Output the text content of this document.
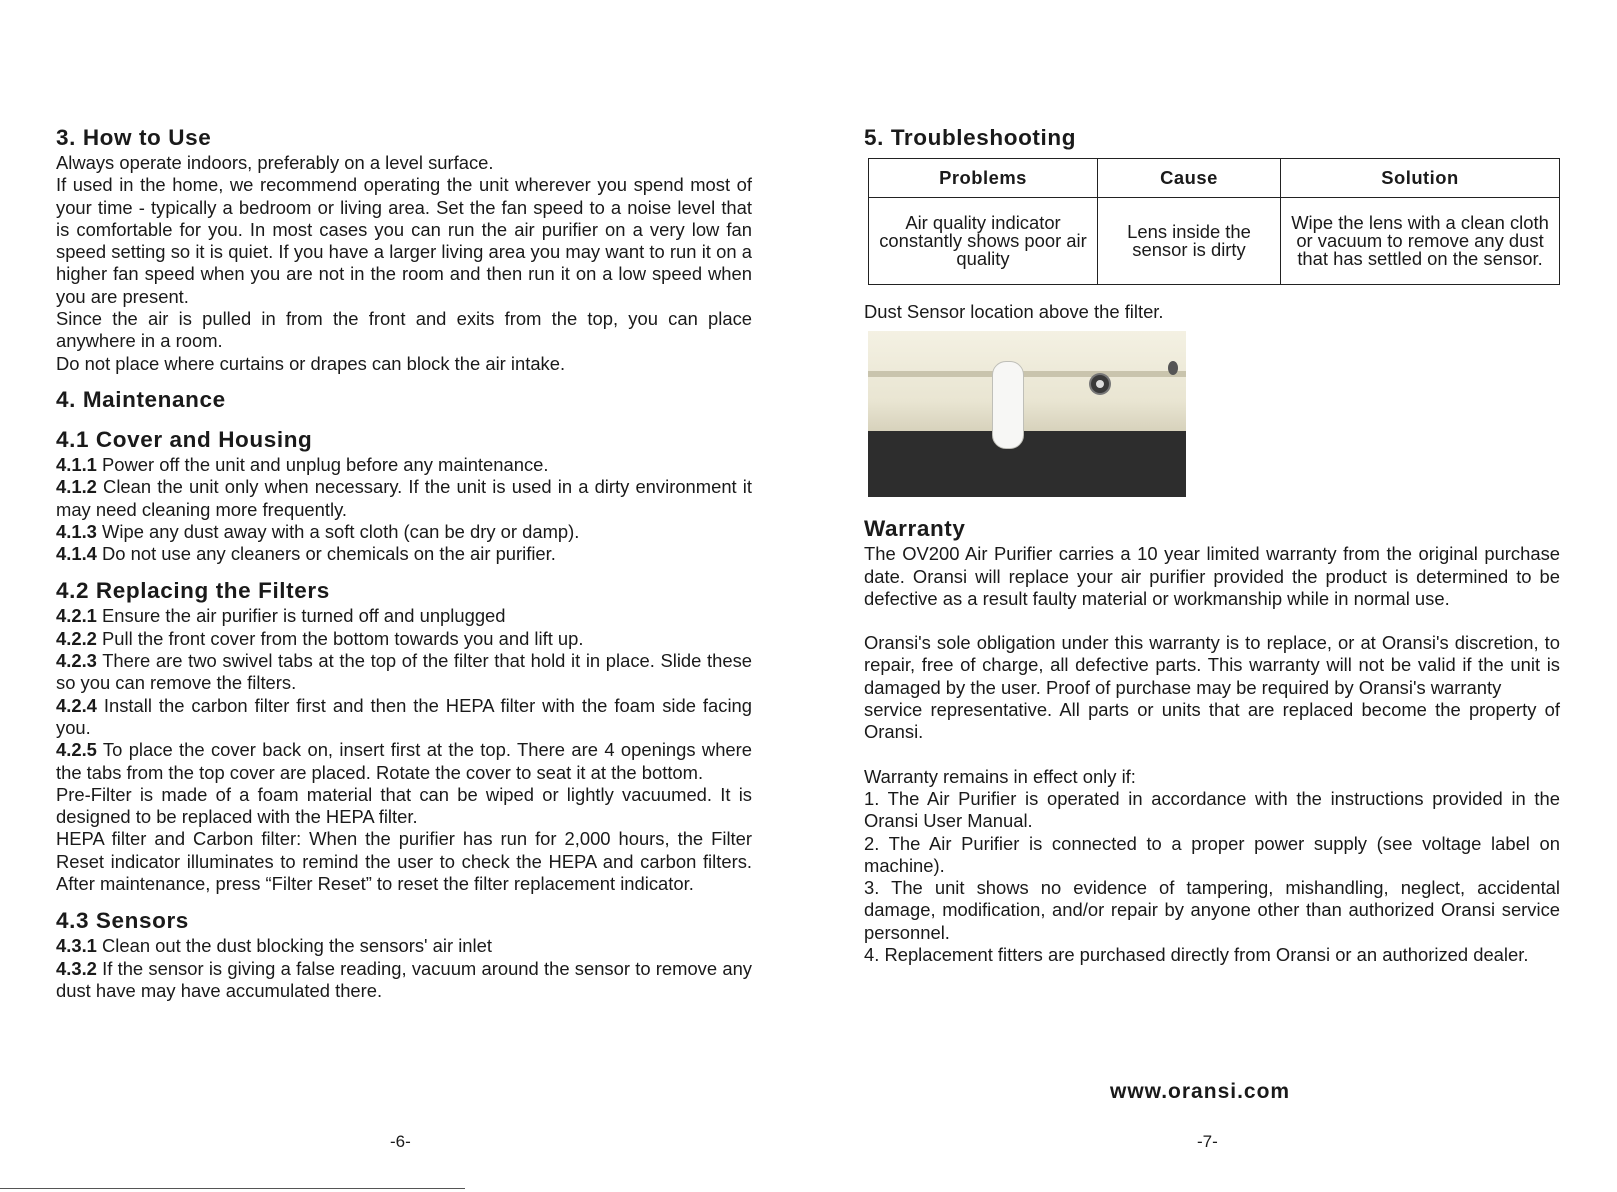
3. How to Use

Always operate indoors, preferably on a level surface.

If used in the home, we recommend operating the unit wherever you spend most of your time - typically a bedroom or living area. Set the fan speed to a noise level that is comfortable for you. In most cases you can run the air purifier on a very low fan speed setting so it is quiet. If you have a larger living area you may want to run it on a higher fan speed when you are not in the room and then run it on a low speed when you are present.

Since the air is pulled in from the front and exits from the top, you can place anywhere in a room.

Do not place where curtains or drapes can block the air intake.

4. Maintenance
4.1 Cover and Housing

4.1.1 Power off the unit and unplug before any maintenance.

4.1.2 Clean the unit only when necessary. If the unit is used in a dirty environment it may need cleaning more frequently.

4.1.3 Wipe any dust away with a soft cloth (can be dry or damp).

4.1.4 Do not use any cleaners or chemicals on the air purifier.

4.2 Replacing the Filters

4.2.1 Ensure the air purifier is turned off and unplugged

4.2.2 Pull the front cover from the bottom towards you and lift up.

4.2.3 There are two swivel tabs at the top of the filter that hold it in place. Slide these so you can remove the filters.

4.2.4 Install the carbon filter first and then the HEPA filter with the foam side facing you.

4.2.5 To place the cover back on, insert first at the top. There are 4 openings where the tabs from the top cover are placed. Rotate the cover to seat it at the bottom.

Pre-Filter is made of a foam material that can be wiped or lightly vacuumed. It is designed to be replaced with the HEPA filter.

HEPA filter and Carbon filter: When the purifier has run for 2,000 hours, the Filter Reset indicator illuminates to remind the user to check the HEPA and carbon filters. After maintenance, press “Filter Reset” to reset the filter replacement indicator.

4.3 Sensors

4.3.1 Clean out the dust blocking the sensors' air inlet

4.3.2 If the sensor is giving a false reading, vacuum around the sensor to remove any dust have may have accumulated there.

5. Troubleshooting
Problems	Cause	Solution
Air quality indicator constantly shows poor air quality	Lens inside the sensor is dirty	Wipe the lens with a clean cloth or vacuum to remove any dust that has settled on the sensor.

Dust Sensor location above the filter.

Warranty

The OV200 Air Purifier carries a 10 year limited warranty from the original purchase date. Oransi will replace your air purifier provided the product is determined to be defective as a result faulty material or workmanship while in normal use.

Oransi's sole obligation under this warranty is to replace, or at Oransi's discretion, to repair, free of charge, all defective parts. This warranty will not be valid if the unit is damaged by the user. Proof of purchase may be required by Oransi's warranty

service representative. All parts or units that are replaced become the property of Oransi.

Warranty remains in effect only if:

1. The Air Purifier is operated in accordance with the instructions provided in the Oransi User Manual.

2. The Air Purifier is connected to a proper power supply (see voltage label on machine).

3. The unit shows no evidence of tampering, mishandling, neglect, accidental damage, modification, and/or repair by anyone other than authorized Oransi service personnel.

4. Replacement fitters are purchased directly from Oransi or an authorized dealer.

www.oransi.com
-6-	-7-
